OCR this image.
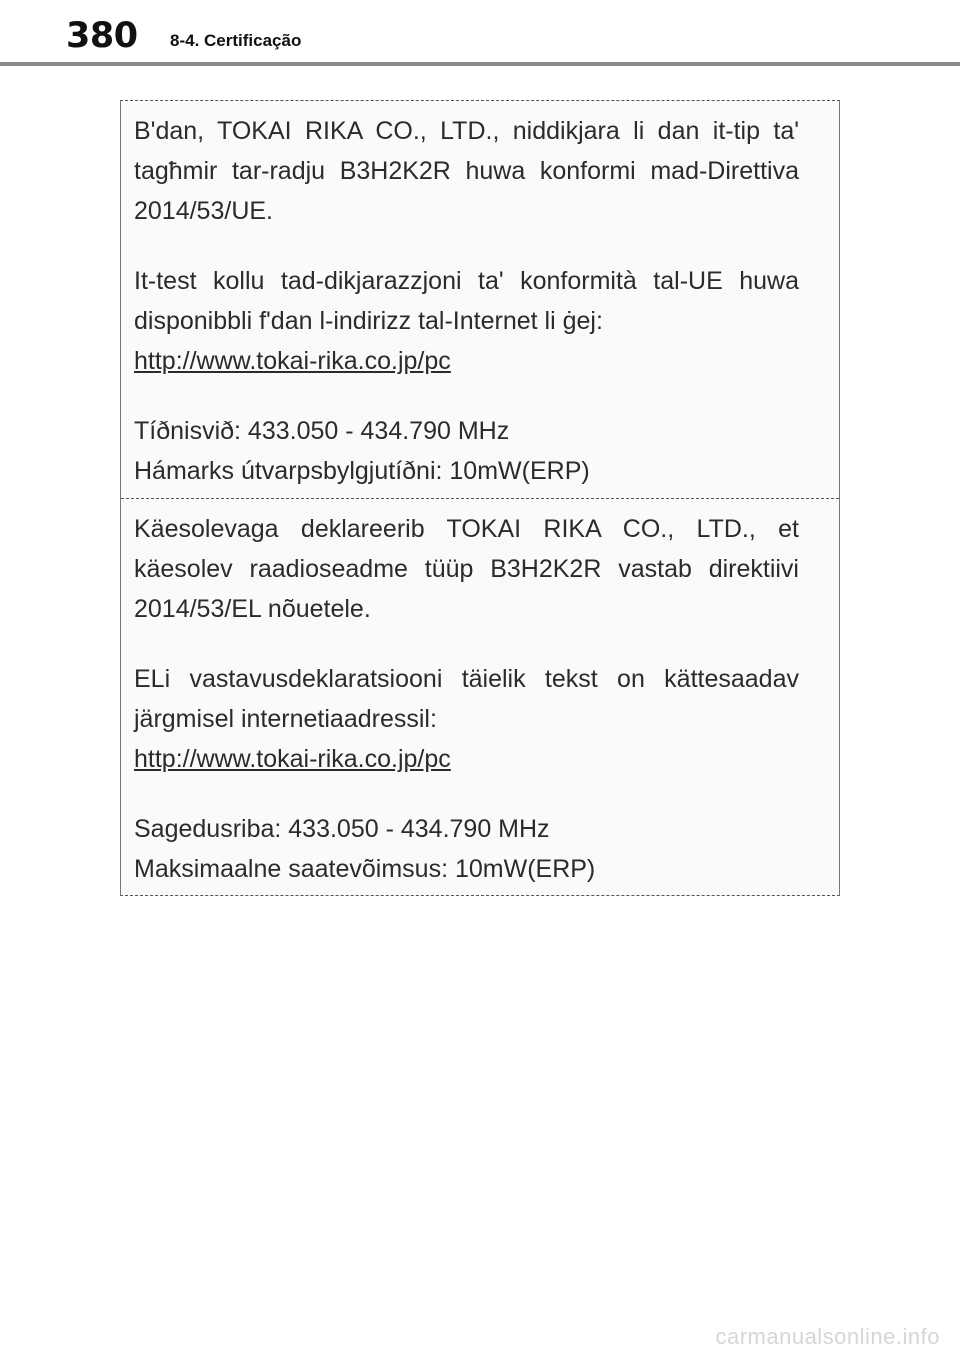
380 8-4. Certificação

B'dan, TOKAI RIKA CO., LTD., niddikjara li dan it-tip ta' tagħmir tar-radju B3H2K2R huwa konformi mad-Direttiva 2014/53/UE.

It-test kollu tad-dikjarazzjoni ta' konformità tal-UE huwa disponibbli f'dan l-indirizz tal-Internet li ġej:

http://www.tokai-rika.co.jp/pc
Tíðnisvið: 433.050 - 434.790 MHz
Hámarks útvarpsbylgjutíðni: 10mW(ERP)

Käesolevaga deklareerib TOKAI RIKA CO., LTD., et käesolev raadioseadme tüüp B3H2K2R vastab direktiivi 2014/53/EL nõuetele.

ELi vastavusdeklaratsiooni täielik tekst on kättesaadav järgmisel internetiaadressil:

http://www.tokai-rika.co.jp/pc
Sagedusriba: 433.050 - 434.790 MHz
Maksimaalne saatevõimsus: 10mW(ERP)
carmanualsonline.info
